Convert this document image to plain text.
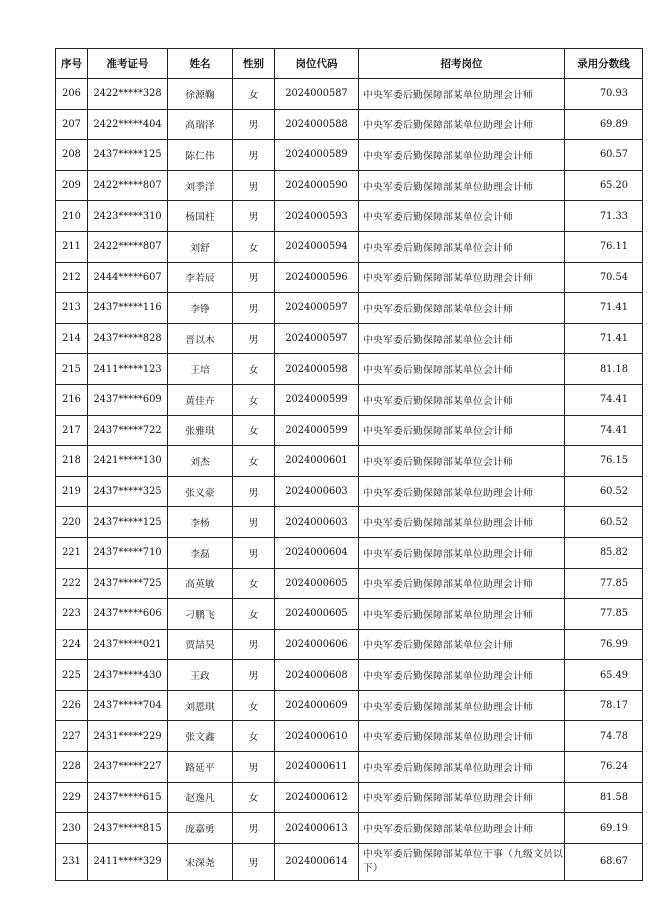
序号	准考证号	姓名	性别	岗位代码	招考岗位	录用分数线
206	2422*****328	徐源鞠	女	2024000587	中央军委后勤保障部某单位助理会计师	70.93
207	2422*****404	高瑞泽	男	2024000588	中央军委后勤保障部某单位助理会计师	69.89
208	2437*****125	陈仁伟	男	2024000589	中央军委后勤保障部某单位助理会计师	60.57
209	2422*****807	刘季洋	男	2024000590	中央军委后勤保障部某单位助理会计师	65.20
210	2423*****310	杨国柱	男	2024000593	中央军委后勤保障部某单位会计师	71.33
211	2422*****807	刘舒	女	2024000594	中央军委后勤保障部某单位会计师	76.11
212	2444*****607	李若辰	男	2024000596	中央军委后勤保障部某单位助理会计师	70.54
213	2437*****116	李铮	男	2024000597	中央军委后勤保障部某单位会计师	71.41
214	2437*****828	晋以木	男	2024000597	中央军委后勤保障部某单位会计师	71.41
215	2411*****123	王培	女	2024000598	中央军委后勤保障部某单位会计师	81.18
216	2437*****609	黄佳卉	女	2024000599	中央军委后勤保障部某单位会计师	74.41
217	2437*****722	张雅琪	女	2024000599	中央军委后勤保障部某单位会计师	74.41
218	2421*****130	刘杰	女	2024000601	中央军委后勤保障部某单位会计师	76.15
219	2437*****325	张义豪	男	2024000603	中央军委后勤保障部某单位助理会计师	60.52
220	2437*****125	李杨	男	2024000603	中央军委后勤保障部某单位助理会计师	60.52
221	2437*****710	李磊	男	2024000604	中央军委后勤保障部某单位助理会计师	85.82
222	2437*****725	高英敏	女	2024000605	中央军委后勤保障部某单位助理会计师	77.85
223	2437*****606	刁鹏飞	女	2024000605	中央军委后勤保障部某单位助理会计师	77.85
224	2437*****021	贾喆昊	男	2024000606	中央军委后勤保障部某单位会计师	76.99
225	2437*****430	王政	男	2024000608	中央军委后勤保障部某单位助理会计师	65.49
226	2437*****704	刘恩琪	女	2024000609	中央军委后勤保障部某单位助理会计师	78.17
227	2431*****229	张文鑫	女	2024000610	中央军委后勤保障部某单位助理会计师	74.78
228	2437*****227	路延平	男	2024000611	中央军委后勤保障部某单位助理会计师	76.24
229	2437*****615	赵逸凡	女	2024000612	中央军委后勤保障部某单位助理会计师	81.58
230	2437*****815	庞嘉勇	男	2024000613	中央军委后勤保障部某单位助理会计师	69.19
231	2411*****329	宋深尧	男	2024000614	中央军委后勤保障部某单位干事（九级文员以下）	68.67
